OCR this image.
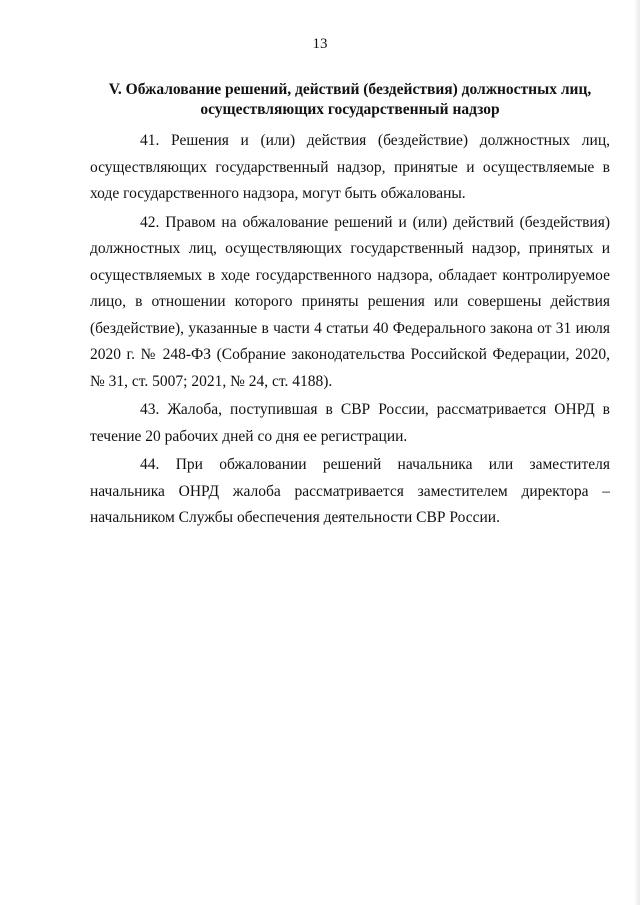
13
V. Обжалование решений, действий (бездействия) должностных лиц,
осуществляющих государственный надзор

41. Решения и (или) действия (бездействие) должностных лиц, осуществляющих государственный надзор, принятые и осуществляемые в ходе государственного надзора, могут быть обжалованы.

42. Правом на обжалование решений и (или) действий (бездействия) должностных лиц, осуществляющих государственный надзор, принятых и осуществляемых в ходе государственного надзора, обладает контролируемое лицо, в отношении которого приняты решения или совершены действия (бездействие), указанные в части 4 статьи 40 Федерального закона от 31 июля 2020 г. № 248-ФЗ (Собрание законодательства Российской Федерации, 2020, № 31, ст. 5007; 2021, № 24, ст. 4188).

43. Жалоба, поступившая в СВР России, рассматривается ОНРД в течение 20 рабочих дней со дня ее регистрации.

44. При обжаловании решений начальника или заместителя начальника ОНРД жалоба рассматривается заместителем директора – начальником Службы обеспечения деятельности СВР России.
